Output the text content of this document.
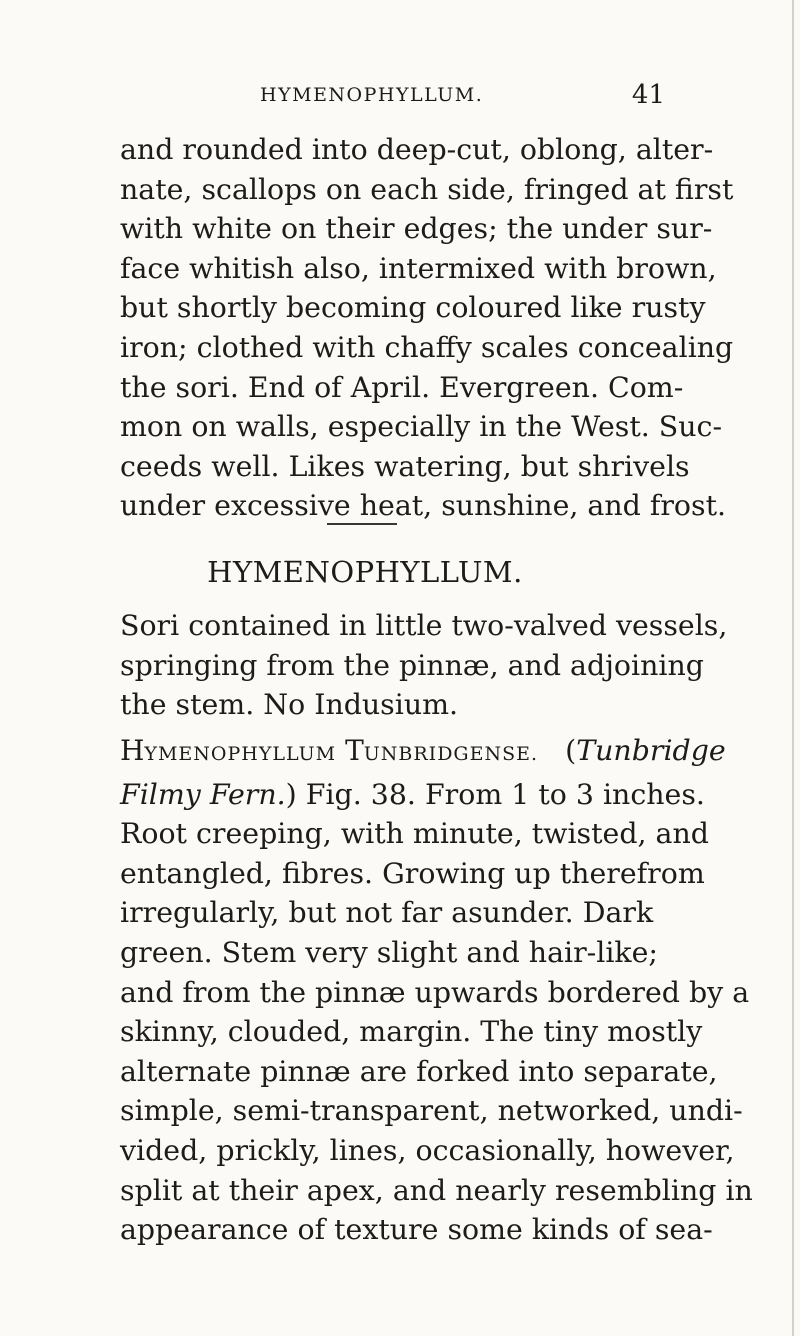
HYMENOPHYLLUM.	41
and rounded into deep-cut, oblong, alter-
nate, scallops on each side, fringed at first
with white on their edges; the under sur-
face whitish also, intermixed with brown,
but shortly becoming coloured like rusty
iron; clothed with chaffy scales concealing
the sori. End of April. Evergreen. Com-
mon on walls, especially in the West. Suc-
ceeds well. Likes watering, but shrivels
under excessive heat, sunshine, and frost.
HYMENOPHYLLUM.
Sori contained in little two-valved vessels,
springing from the pinnæ, and adjoining
the stem. No Indusium.
HYMENOPHYLLUM TUNBRIDGENSE. (Tunbridge
Filmy Fern.) Fig. 38. From 1 to 3 inches.
Root creeping, with minute, twisted, and
entangled, fibres. Growing up therefrom
irregularly, but not far asunder. Dark
green. Stem very slight and hair-like;
and from the pinnæ upwards bordered by a
skinny, clouded, margin. The tiny mostly
alternate pinnæ are forked into separate,
simple, semi-transparent, networked, undi-
vided, prickly, lines, occasionally, however,
split at their apex, and nearly resembling in
appearance of texture some kinds of sea-
